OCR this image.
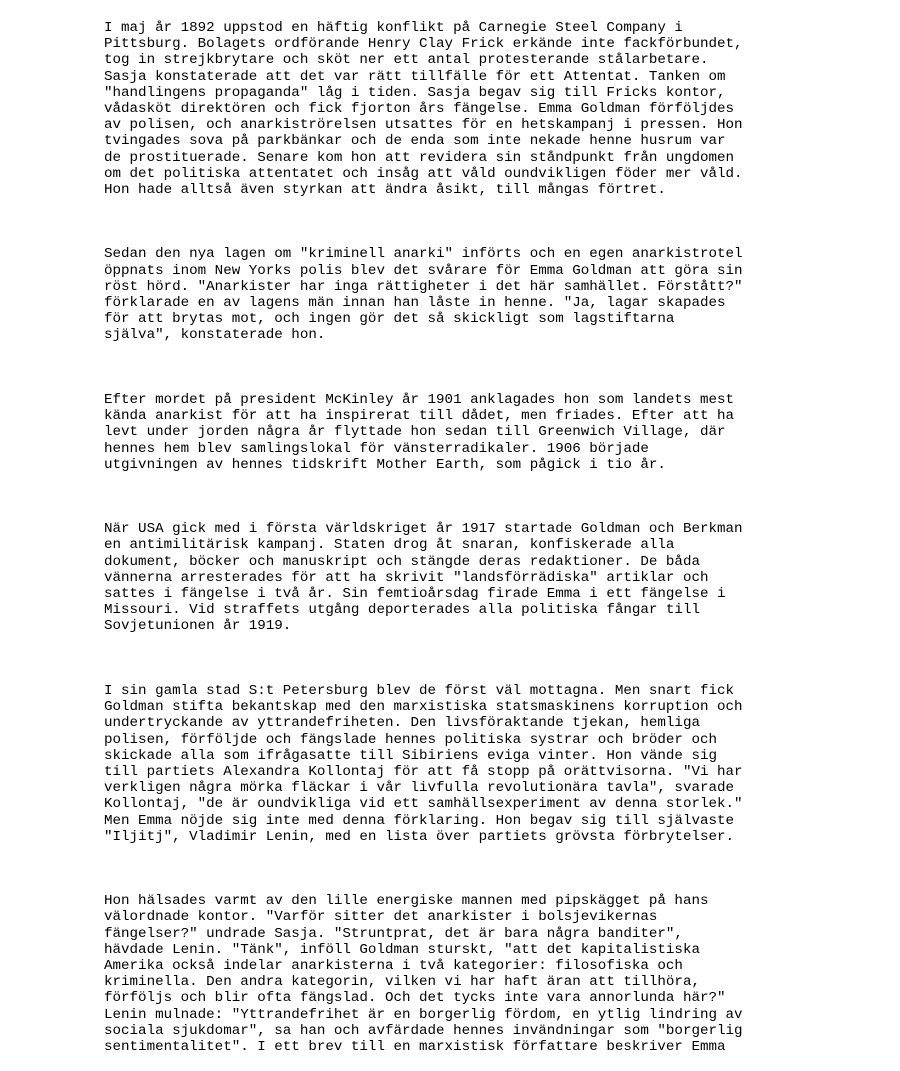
I maj år 1892 uppstod en häftig konflikt på Carnegie Steel Company i
Pittsburg. Bolagets ordförande Henry Clay Frick erkände inte fackförbundet,
tog in strejkbrytare och sköt ner ett antal protesterande stålarbetare.
Sasja konstaterade att det var rätt tillfälle för ett Attentat. Tanken om
"handlingens propaganda" låg i tiden. Sasja begav sig till Fricks kontor,
vådasköt direktören och fick fjorton års fängelse. Emma Goldman förföljdes
av polisen, och anarkiströrelsen utsattes för en hetskampanj i pressen. Hon
tvingades sova på parkbänkar och de enda som inte nekade henne husrum var
de prostituerade. Senare kom hon att revidera sin ståndpunkt från ungdomen
om det politiska attentatet och insåg att våld oundvikligen föder mer våld.
Hon hade alltså även styrkan att ändra åsikt, till mångas förtret.
Sedan den nya lagen om "kriminell anarki" införts och en egen anarkistrotel
öppnats inom New Yorks polis blev det svårare för Emma Goldman att göra sin
röst hörd. "Anarkister har inga rättigheter i det här samhället. Förstått?"
förklarade en av lagens män innan han låste in henne. "Ja, lagar skapades
för att brytas mot, och ingen gör det så skickligt som lagstiftarna
själva", konstaterade hon.
Efter mordet på president McKinley år 1901 anklagades hon som landets mest
kända anarkist för att ha inspirerat till dådet, men friades. Efter att ha
levt under jorden några år flyttade hon sedan till Greenwich Village, där
hennes hem blev samlingslokal för vänsterradikaler. 1906 började
utgivningen av hennes tidskrift Mother Earth, som pågick i tio år.
När USA gick med i första världskriget år 1917 startade Goldman och Berkman
en antimilitärisk kampanj. Staten drog åt snaran, konfiskerade alla
dokument, böcker och manuskript och stängde deras redaktioner. De båda
vännerna arresterades för att ha skrivit "landsförrädiska" artiklar och
sattes i fängelse i två år. Sin femtioårsdag firade Emma i ett fängelse i
Missouri. Vid straffets utgång deporterades alla politiska fångar till
Sovjetunionen år 1919.
I sin gamla stad S:t Petersburg blev de först väl mottagna. Men snart fick
Goldman stifta bekantskap med den marxistiska statsmaskinens korruption och
undertryckande av yttrandefriheten. Den livsföraktande tjekan, hemliga
polisen, förföljde och fängslade hennes politiska systrar och bröder och
skickade alla som ifrågasatte till Sibiriens eviga vinter. Hon vände sig
till partiets Alexandra Kollontaj för att få stopp på orättvisorna. "Vi har
verkligen några mörka fläckar i vår livfulla revolutionära tavla", svarade
Kollontaj, "de är oundvikliga vid ett samhällsexperiment av denna storlek."
Men Emma nöjde sig inte med denna förklaring. Hon begav sig till självaste
"Iljitj", Vladimir Lenin, med en lista över partiets grövsta förbrytelser.
Hon hälsades varmt av den lille energiske mannen med pipskägget på hans
välordnade kontor. "Varför sitter det anarkister i bolsjevikernas
fängelser?" undrade Sasja. "Struntprat, det är bara några banditer",
hävdade Lenin. "Tänk", inföll Goldman sturskt, "att det kapitalistiska
Amerika också indelar anarkisterna i två kategorier: filosofiska och
kriminella. Den andra kategorin, vilken vi har haft äran att tillhöra,
förföljs och blir ofta fängslad. Och det tycks inte vara annorlunda här?"
Lenin mulnade: "Yttrandefrihet är en borgerlig fördom, en ytlig lindring av
sociala sjukdomar", sa han och avfärdade hennes invändningar som "borgerlig
sentimentalitet". I ett brev till en marxistisk författare beskriver Emma
